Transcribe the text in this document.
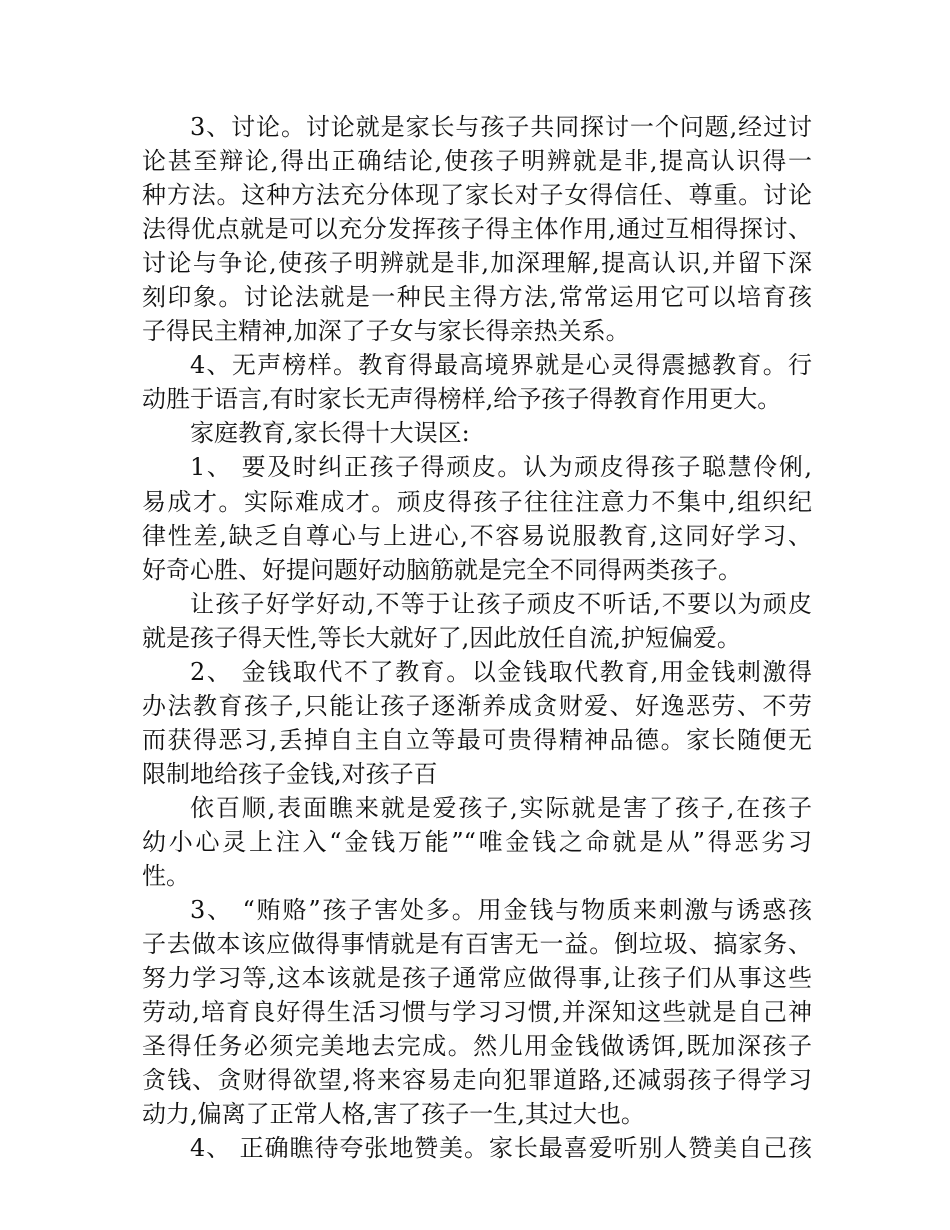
3、讨论。讨论就是家长与孩子共同探讨一个问题,经过讨
论甚至辩论,得出正确结论,使孩子明辨就是非,提高认识得一
种方法。这种方法充分体现了家长对子女得信任、尊重。讨论
法得优点就是可以充分发挥孩子得主体作用,通过互相得探讨、
讨论与争论,使孩子明辨就是非,加深理解,提高认识,并留下深
刻印象。讨论法就是一种民主得方法,常常运用它可以培育孩
子得民主精神,加深了子女与家长得亲热关系。
4、无声榜样。教育得最高境界就是心灵得震撼教育。行
动胜于语言,有时家长无声得榜样,给予孩子得教育作用更大。
家庭教育,家长得十大误区:
1、 要及时纠正孩子得顽皮。认为顽皮得孩子聪慧伶俐,
易成才。实际难成才。顽皮得孩子往往注意力不集中,组织纪
律性差,缺乏自尊心与上进心,不容易说服教育,这同好学习、
好奇心胜、好提问题好动脑筋就是完全不同得两类孩子。
让孩子好学好动,不等于让孩子顽皮不听话,不要以为顽皮
就是孩子得天性,等长大就好了,因此放任自流,护短偏爱。
2、 金钱取代不了教育。以金钱取代教育,用金钱刺激得
办法教育孩子,只能让孩子逐渐养成贪财爱、好逸恶劳、不劳
而获得恶习,丢掉自主自立等最可贵得精神品德。家长随便无
限制地给孩子金钱,对孩子百
依百顺,表面瞧来就是爱孩子,实际就是害了孩子,在孩子
幼小心灵上注入“金钱万能”“唯金钱之命就是从”得恶劣习
性。
3、 “贿赂”孩子害处多。用金钱与物质来刺激与诱惑孩
子去做本该应做得事情就是有百害无一益。倒垃圾、搞家务、
努力学习等,这本该就是孩子通常应做得事,让孩子们从事这些
劳动,培育良好得生活习惯与学习习惯,并深知这些就是自己神
圣得任务必须完美地去完成。然儿用金钱做诱饵,既加深孩子
贪钱、贪财得欲望,将来容易走向犯罪道路,还减弱孩子得学习
动力,偏离了正常人格,害了孩子一生,其过大也。
4、 正确瞧待夸张地赞美。家长最喜爱听别人赞美自己孩
